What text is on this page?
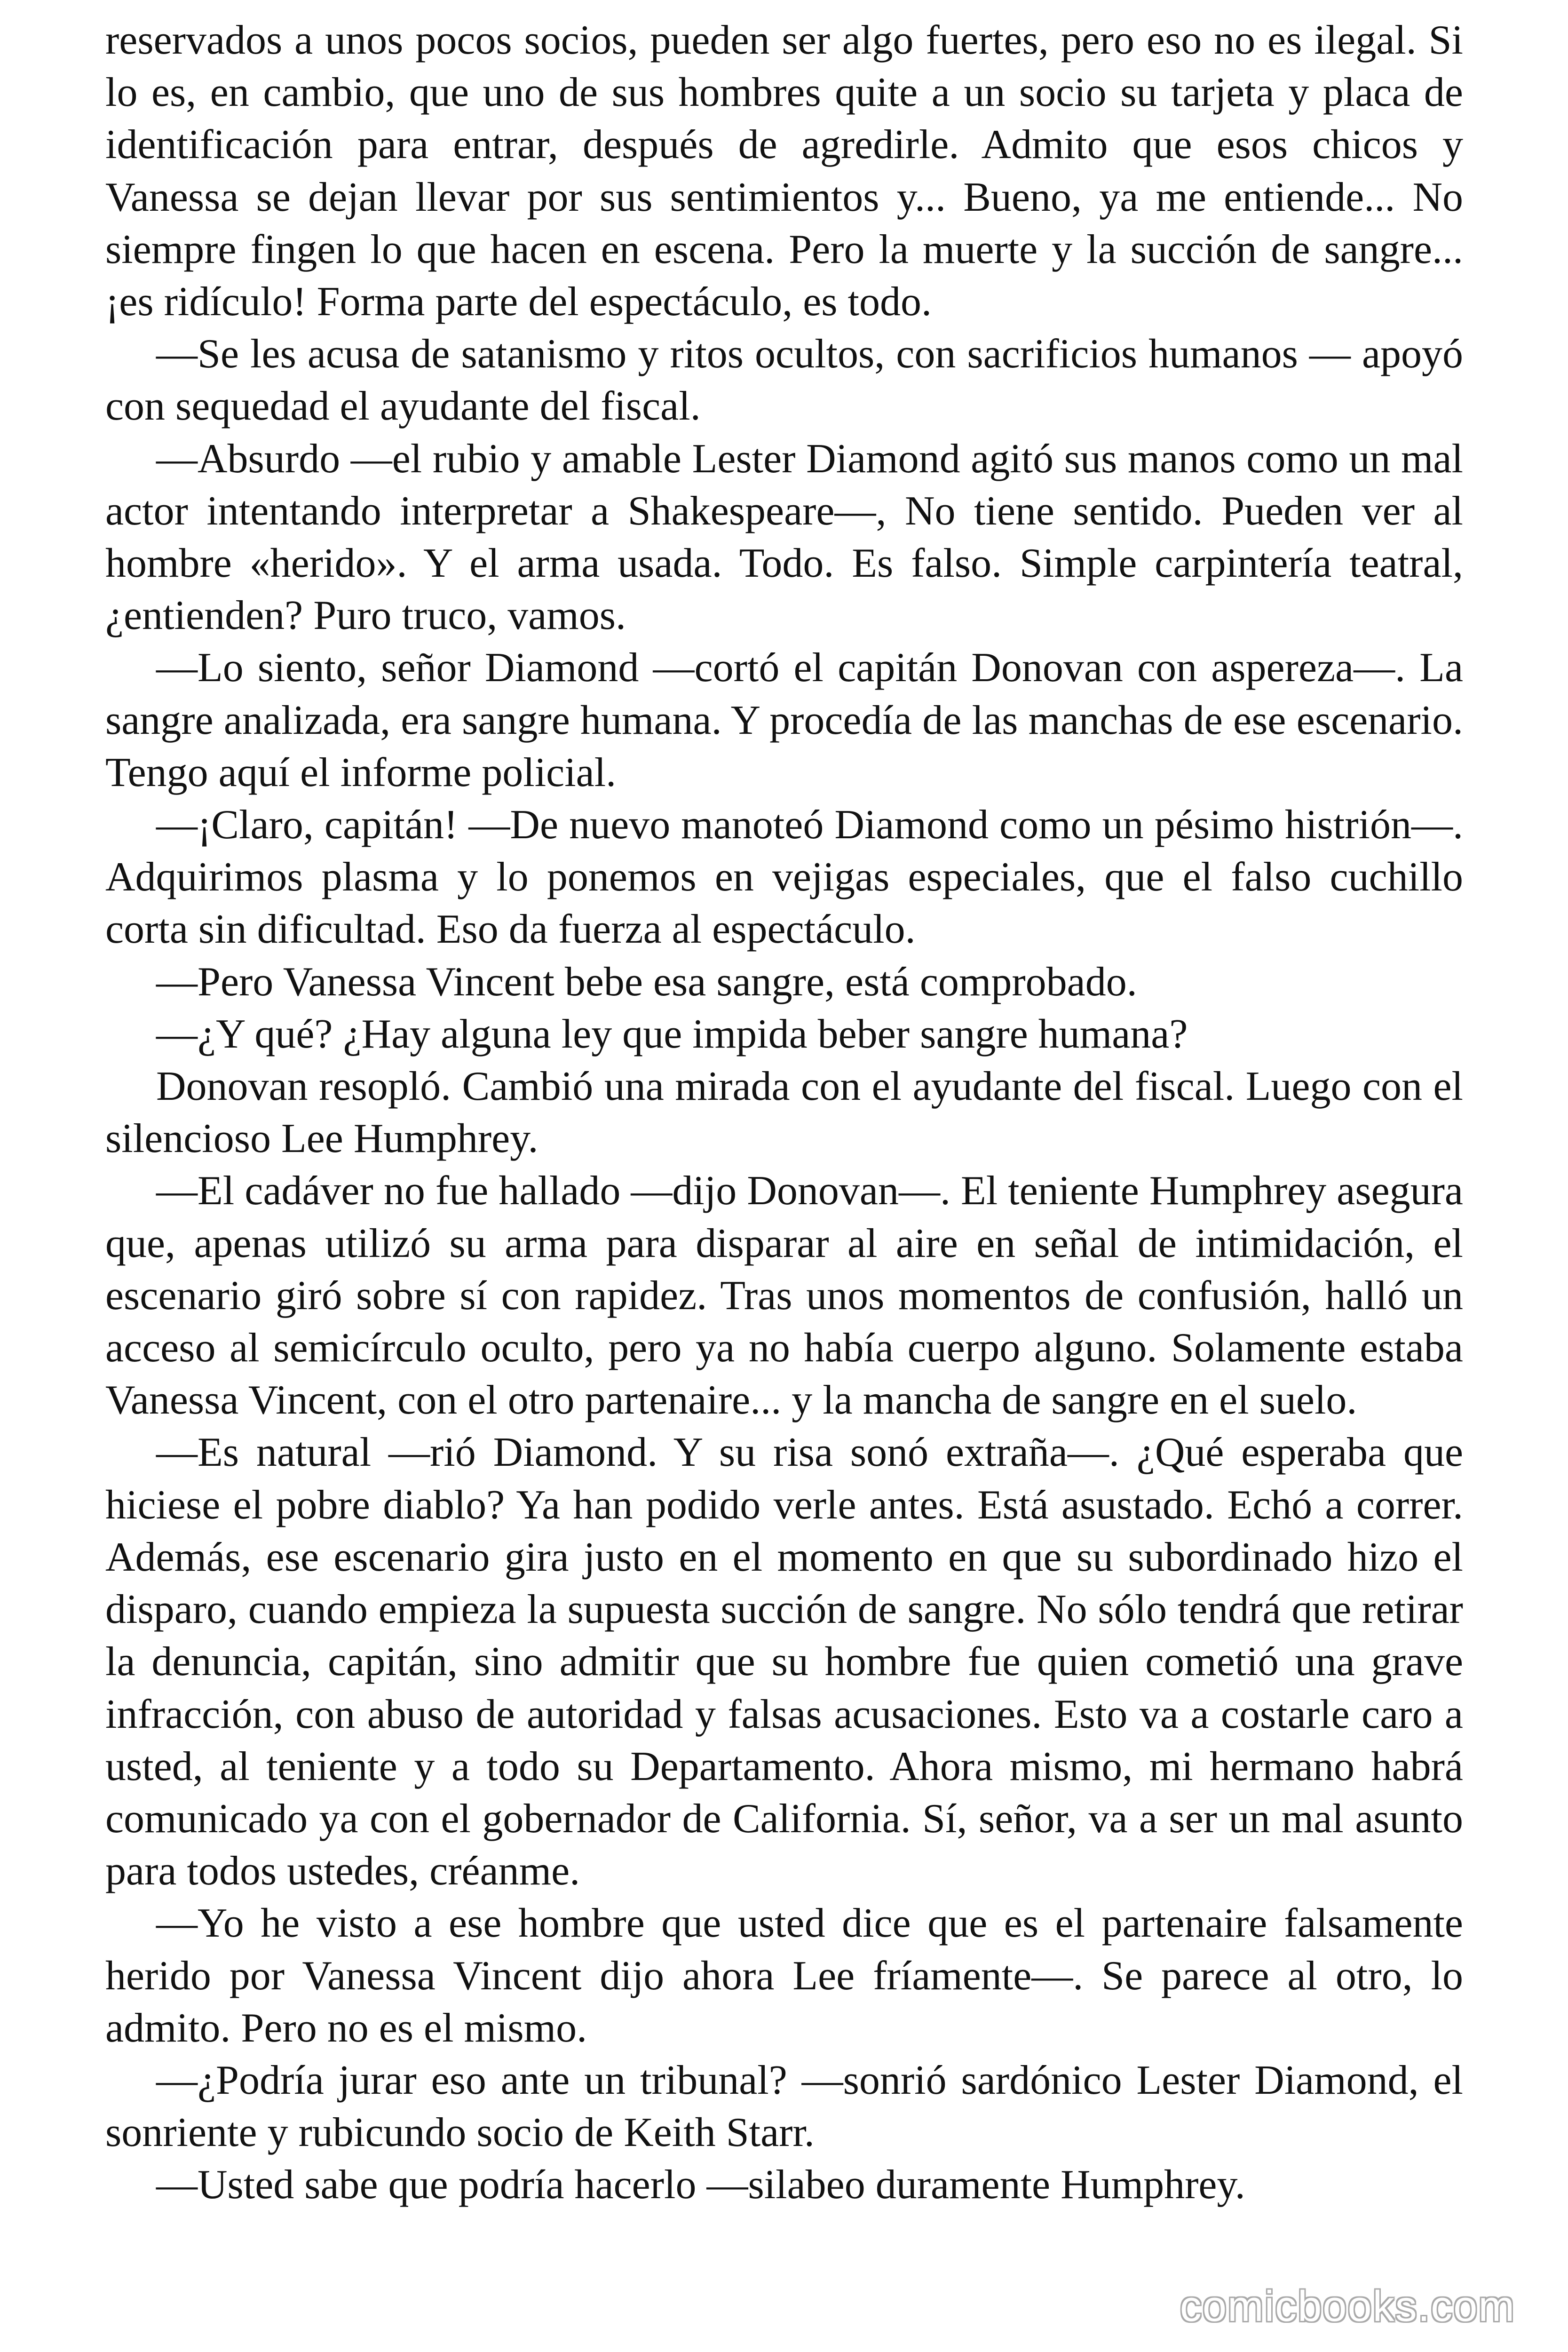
reservados a unos pocos socios, pueden ser algo fuertes, pero eso no es ilegal. Si lo es, en cambio, que uno de sus hombres quite a un socio su tarjeta y placa de identificación para entrar, después de agredirle. Admito que esos chicos y Vanessa se dejan llevar por sus sentimientos y... Bueno, ya me entiende... No siempre fingen lo que hacen en escena. Pero la muerte y la succión de sangre... ¡es ridículo! Forma parte del espectáculo, es todo.

—Se les acusa de satanismo y ritos ocultos, con sacrificios humanos — apoyó con sequedad el ayudante del fiscal.

—Absurdo —el rubio y amable Lester Diamond agitó sus manos como un mal actor intentando interpretar a Shakespeare—, No tiene sentido. Pueden ver al hombre «herido». Y el arma usada. Todo. Es falso. Simple carpintería teatral, ¿entienden? Puro truco, vamos.

—Lo siento, señor Diamond —cortó el capitán Donovan con aspereza—. La sangre analizada, era sangre humana. Y procedía de las manchas de ese escenario. Tengo aquí el informe policial.

—¡Claro, capitán! —De nuevo manoteó Diamond como un pésimo histrión—. Adquirimos plasma y lo ponemos en vejigas especiales, que el falso cuchillo corta sin dificultad. Eso da fuerza al espectáculo.

—Pero Vanessa Vincent bebe esa sangre, está comprobado.

—¿Y qué? ¿Hay alguna ley que impida beber sangre humana?

Donovan resopló. Cambió una mirada con el ayudante del fiscal. Luego con el silencioso Lee Humphrey.

—El cadáver no fue hallado —dijo Donovan—. El teniente Humphrey asegura que, apenas utilizó su arma para disparar al aire en señal de intimidación, el escenario giró sobre sí con rapidez. Tras unos momentos de confusión, halló un acceso al semicírculo oculto, pero ya no había cuerpo alguno. Solamente estaba Vanessa Vincent, con el otro partenaire... y la mancha de sangre en el suelo.

—Es natural —rió Diamond. Y su risa sonó extraña—. ¿Qué esperaba que hiciese el pobre diablo? Ya han podido verle antes. Está asustado. Echó a correr. Además, ese escenario gira justo en el momento en que su subordinado hizo el disparo, cuando empieza la supuesta succión de sangre. No sólo tendrá que retirar la denuncia, capitán, sino admitir que su hombre fue quien cometió una grave infracción, con abuso de autoridad y falsas acusaciones. Esto va a costarle caro a usted, al teniente y a todo su Departamento. Ahora mismo, mi hermano habrá comunicado ya con el gobernador de California. Sí, señor, va a ser un mal asunto para todos ustedes, créanme.

—Yo he visto a ese hombre que usted dice que es el partenaire falsamente herido por Vanessa Vincent dijo ahora Lee fríamente—. Se parece al otro, lo admito. Pero no es el mismo.

—¿Podría jurar eso ante un tribunal? —sonrió sardónico Lester Diamond, el sonriente y rubicundo socio de Keith Starr.

—Usted sabe que podría hacerlo —silabeo duramente Humphrey.

comicbooks.com
